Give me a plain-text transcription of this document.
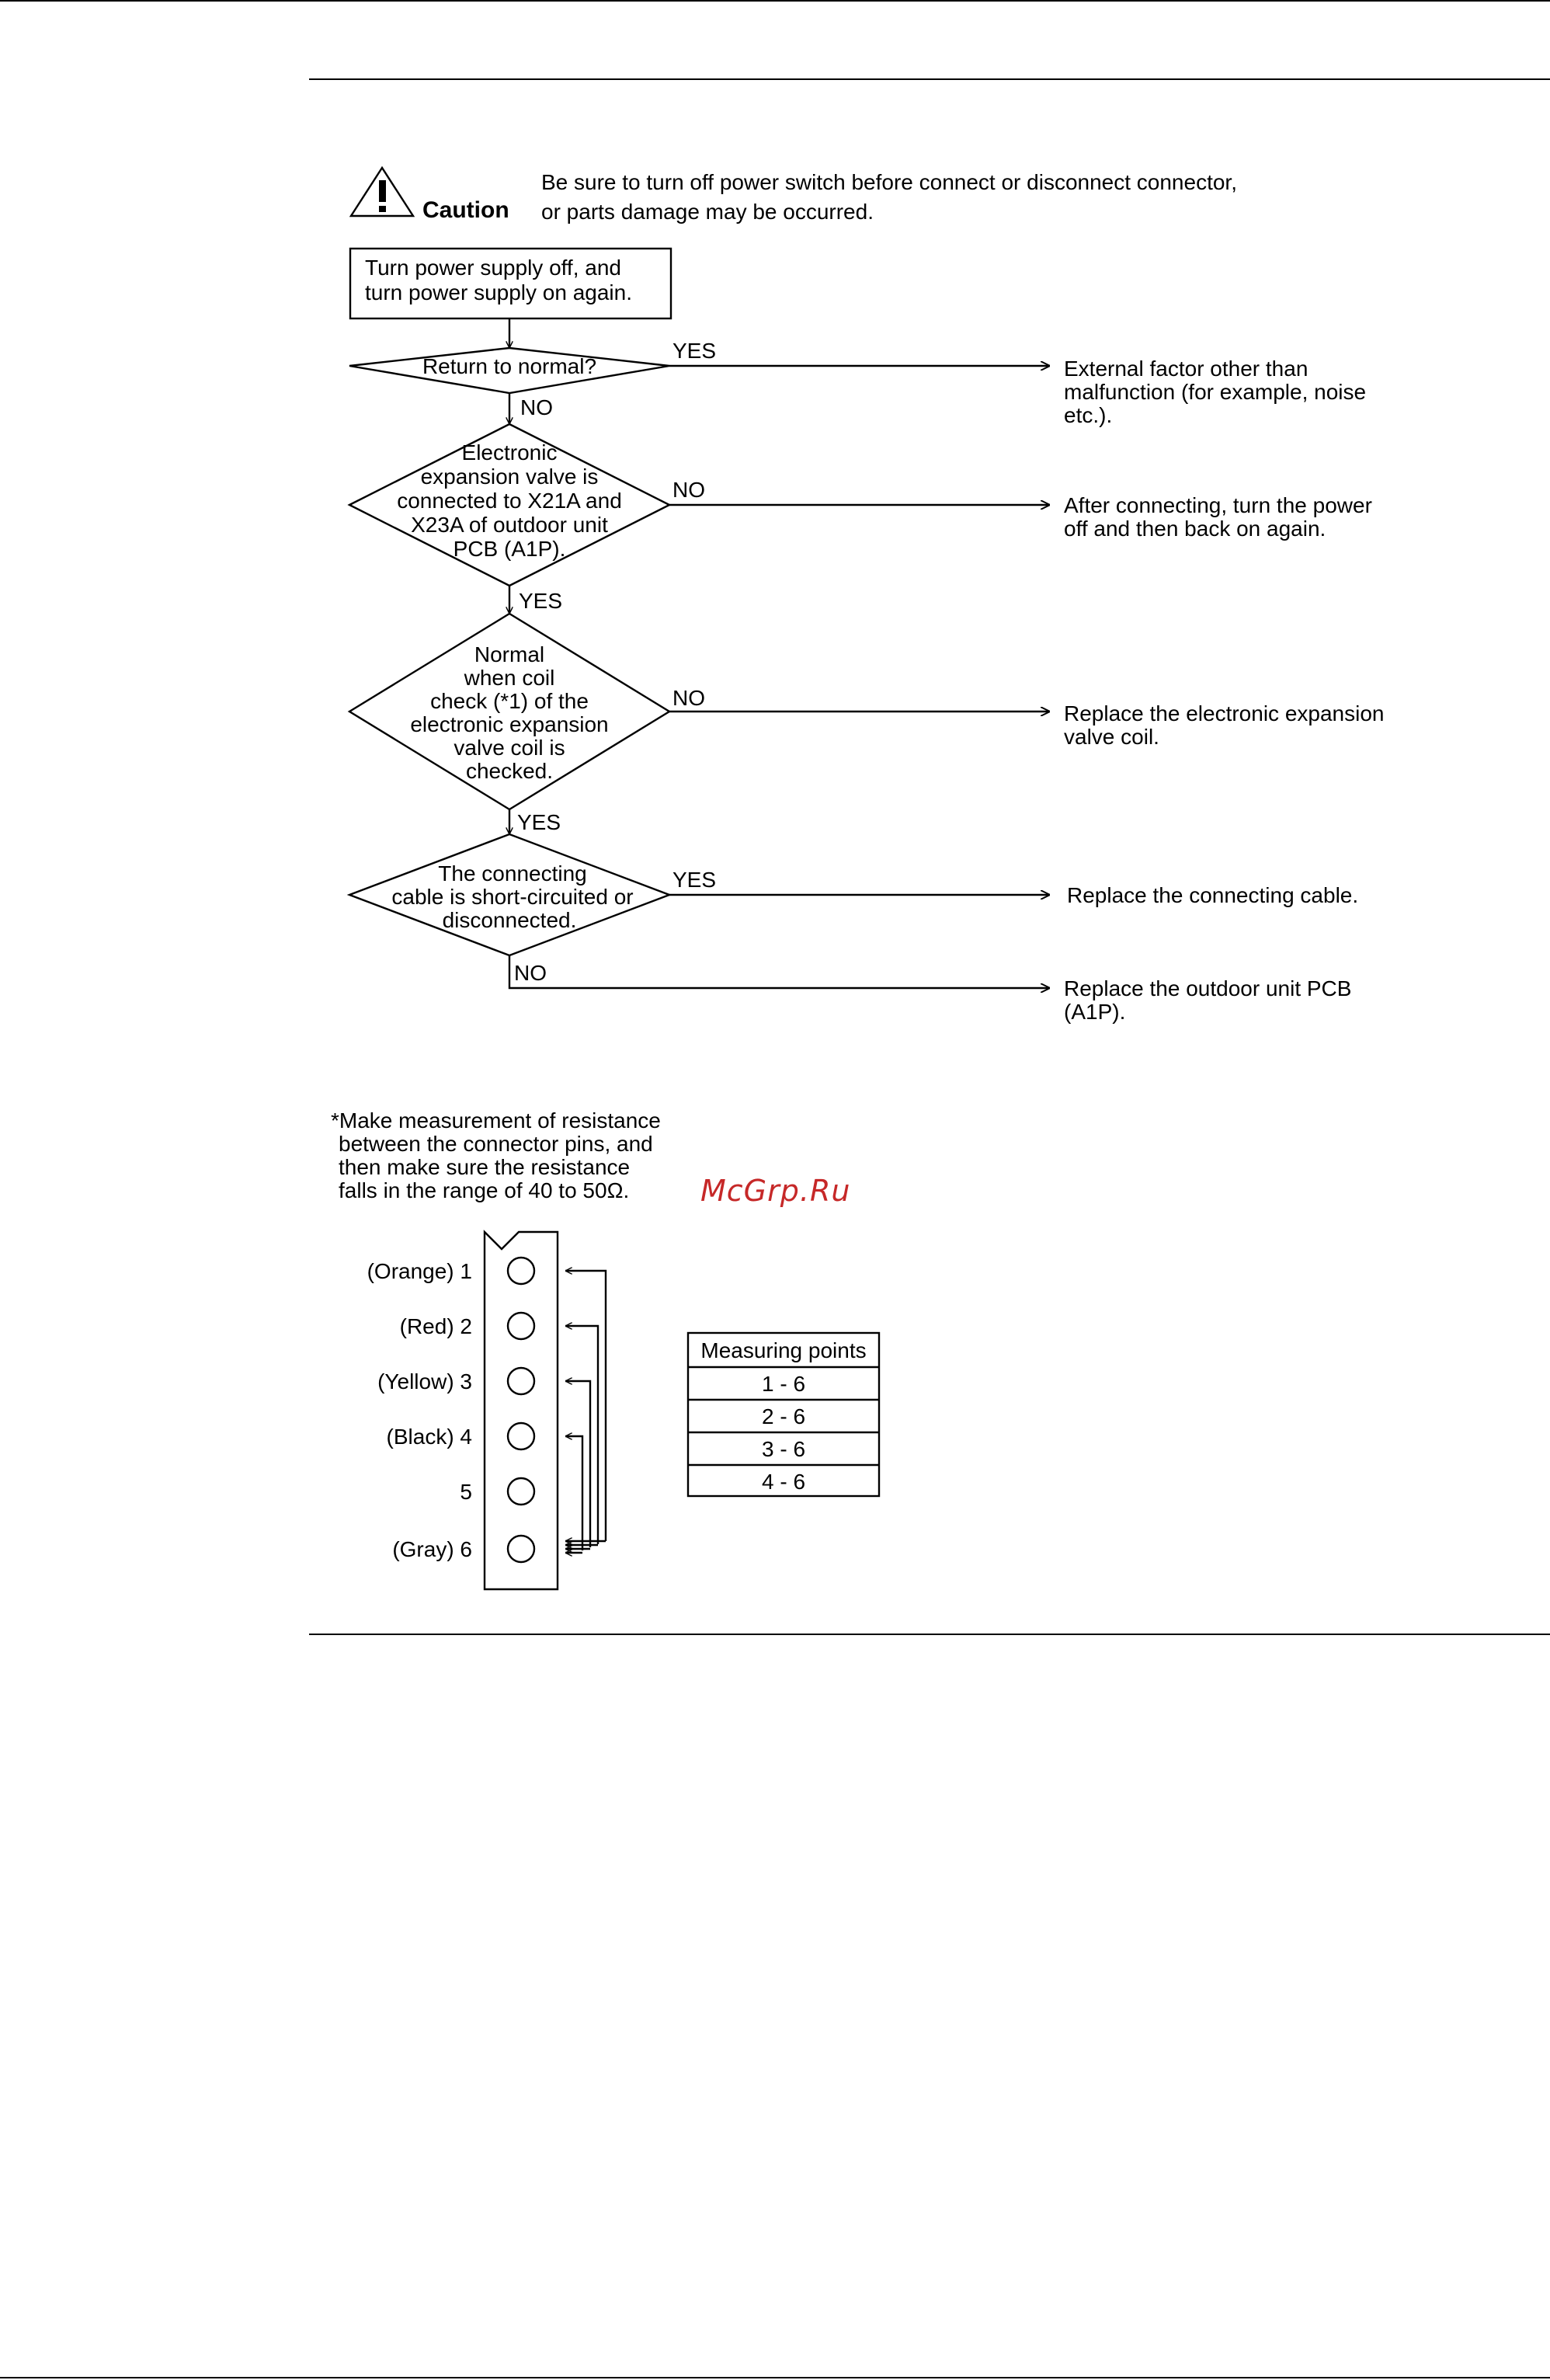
Caution
Be sure to turn off power switch before connect or disconnect connector,
or parts damage may be occurred.
Turn power supply off, and
turn power supply on again.
Return to normal?
YES
External factor other than
malfunction (for example, noise
etc.).
NO
Electronic
expansion valve is
connected to X21A and
X23A of outdoor unit
PCB (A1P).
NO
After connecting, turn the power
off and then back on again.
YES
Normal
when coil
check (*1) of the
electronic expansion
valve coil is
checked.
NO
Replace the electronic expansion
valve coil.
YES
The connecting
cable is short-circuited or
disconnected.
YES
Replace the connecting cable.
NO
Replace the outdoor unit PCB
(A1P).
*Make measurement of resistance
between the connector pins, and
then make sure the resistance
falls in the range of 40 to 50Ω. McGrp.Ru
(Orange) 1
(Red) 2
(Yellow) 3
(Black) 4
5
(Gray) 6
Measuring points
1 - 6
2 - 6
3 - 6
4 - 6
